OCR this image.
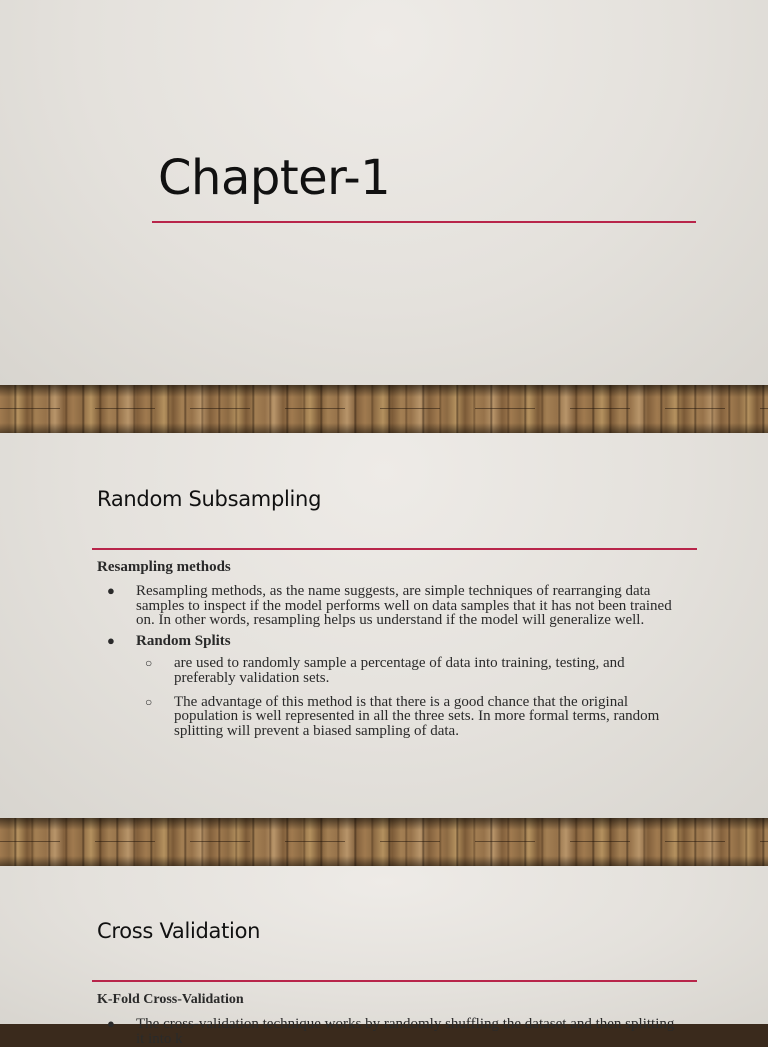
Chapter-1
Random Subsampling

Resampling methods

● Resampling methods, as the name suggests, are simple techniques of rearranging data samples to inspect if the model performs well on data samples that it has not been trained on. In other words, resampling helps us understand if the model will generalize well.
● Random Splits
○ are used to randomly sample a percentage of data into training, testing, and preferably validation sets.
○ The advantage of this method is that there is a good chance that the original population is well represented in all the three sets. In more formal terms, random splitting will prevent a biased sampling of data.
Cross Validation

K-Fold Cross-Validation

● The cross-validation technique works by randomly shuffling the dataset and then splitting it into k
